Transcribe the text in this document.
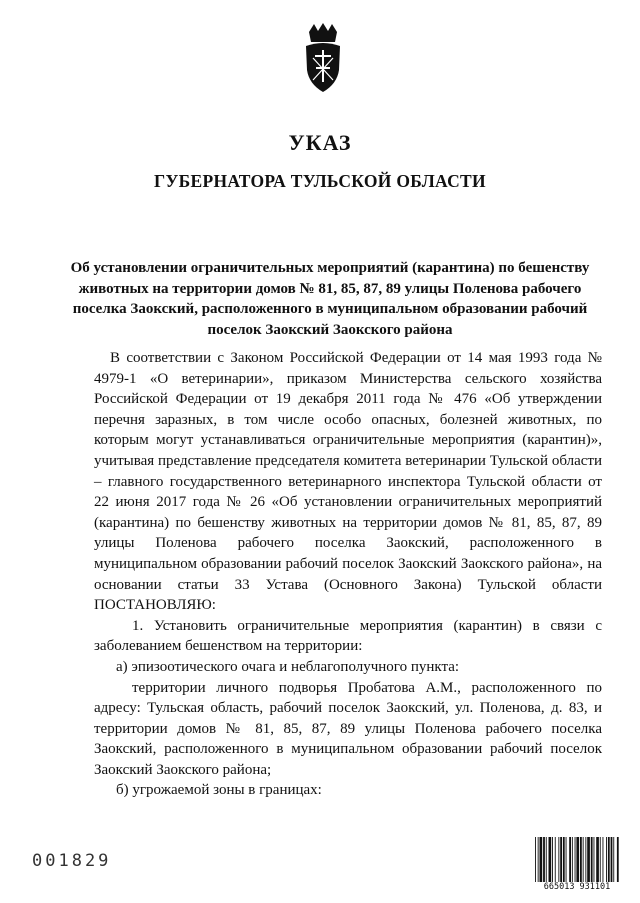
УКАЗ
ГУБЕРНАТОРА ТУЛЬСКОЙ ОБЛАСТИ

Об установлении ограничительных мероприятий (карантина) по бешенству животных на территории домов № 81, 85, 87, 89 улицы Поленова рабочего поселка Заокский, расположенного в муниципальном образовании рабочий поселок Заокский Заокского района

В соответствии с Законом Российской Федерации от 14 мая 1993 года № 4979-1 «О ветеринарии», приказом Министерства сельского хозяйства Российской Федерации от 19 декабря 2011 года № 476 «Об утверждении перечня заразных, в том числе особо опасных, болезней животных, по которым могут устанавливаться ограничительные мероприятия (карантин)», учитывая представление председателя комитета ветеринарии Тульской области – главного государственного ветеринарного инспектора Тульской области от 22 июня 2017 года № 26 «Об установлении ограничительных мероприятий (карантина) по бешенству животных на территории домов № 81, 85, 87, 89 улицы Поленова рабочего поселка Заокский, расположенного в муниципальном образовании рабочий поселок Заокский Заокского района», на основании статьи 33 Устава (Основного Закона) Тульской области ПОСТАНОВЛЯЮ:

1. Установить ограничительные мероприятия (карантин) в связи с заболеванием бешенством на территории:

а) эпизоотического очага и неблагополучного пункта:

территории личного подворья Пробатова А.М., расположенного по адресу: Тульская область, рабочий поселок Заокский, ул. Поленова, д. 83, и территории домов № 81, 85, 87, 89 улицы Поленова рабочего поселка Заокский, расположенного в муниципальном образовании рабочий поселок Заокский Заокского района;

б) угрожаемой зоны в границах:

001829

665013 931101
